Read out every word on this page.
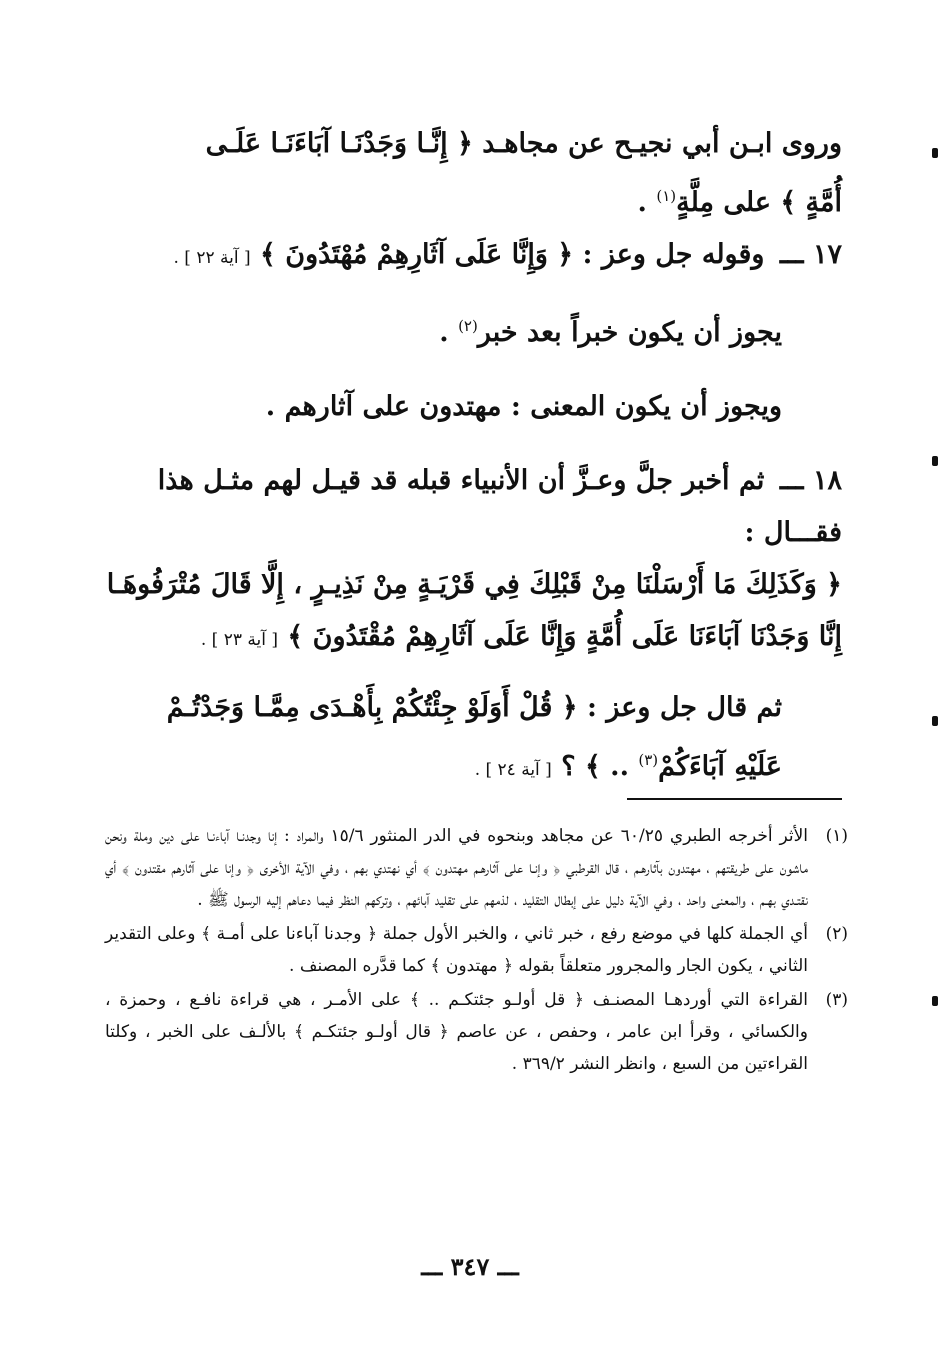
وروى ابـن أبي نجيـح عن مجاهـد ﴿ إِنَّـا وَجَدْنَـا آبَاءَنَـا عَلَـى
أُمَّةٍ ﴾ على مِلَّةٍ$^{(١)}$ .

١٧ ـــ وقوله جل وعز : ﴿ وَإِنَّا عَلَى آثَارِهِمْ مُهْتَدُونَ ﴾ [ آية ٢٢ ] .

يجوز أن يكون خبراً بعد خبر$^{(٢)}$ .

ويجوز أن يكون المعنى : مهتدون على آثارهم .

١٨ ـــ ثم أخبر جلَّ وعـزَّ أن الأنبياء قبله قد قيـل لهم مثـل هذا فقـــال :
﴿ وَكَذَلِكَ مَا أَرْسَلْنَا مِنْ قَبْلِكَ فِي قَرْيَـةٍ مِنْ نَذِيـرٍ ، إِلَّا قَالَ مُتْرَفُوهَـا
إِنَّا وَجَدْنَا آبَاءَنَا عَلَى أُمَّةٍ وَإِنَّا عَلَى آثَارِهِمْ مُقْتَدُونَ ﴾ [ آية ٢٣ ] .

ثم قال جل وعز : ﴿ قُلْ أَوَلَوْ جِئْتُكُمْ بِأَهْـدَى مِمَّـا وَجَدْتُـمْ
عَلَيْهِ آبَاءَكُمْ$^{(٣)}$ .. ﴾ ؟ [ آية ٢٤ ] .

(١)
الأثر أخرجه الطبري ٦٠/٢٥ عن مجاهد وبنحوه في الدر المنثور ١٥/٦ والمراد : إنا وجدنـا آباءنـا على دين وملة ونحن ماشون على طريقتهم ، مهتدون بآثارهـم ، قال القرطبي ﴿ وإنـا على آثارهـم مهتدون ﴾ أي نهتدي بهم ، وفي الآية الأخرى ﴿ وإنا على آثارهم مقتدون ﴾ أي نقتـدي بهـم ، والمعنى واحد ، وفي الآية دليل على إبطال التقليد ، لذمهم على تقليد آبائهم ، وتركهم النظر فيما دعاهم إليه الرسول ﷺ .
(٢)
أي الجملة كلها في موضع رفع ، خبر ثاني ، والخبر الأول جملة ﴿ وجدنا آباءنا على أمـة ﴾ وعلى التقدير الثاني ، يكون الجار والمجرور متعلقاً بقوله ﴿ مهتدون ﴾ كما قدَّره المصنف .
(٣)
القراءة التي أوردهـا المصنـف ﴿ قل أولـو جئتكـم .. ﴾ على الأمـر ، هي قراءة نافـع ، وحمزة ، والكسائي ، وقرأ ابن عامر ، وحفص ، عن عاصم ﴿ قال أولـو جئتكـم ﴾ بالألـف على الخبر ، وكلتا القراءتين من السبع ، وانظر النشر ٣٦٩/٢ .
ـــ ٣٤٧ ـــ
